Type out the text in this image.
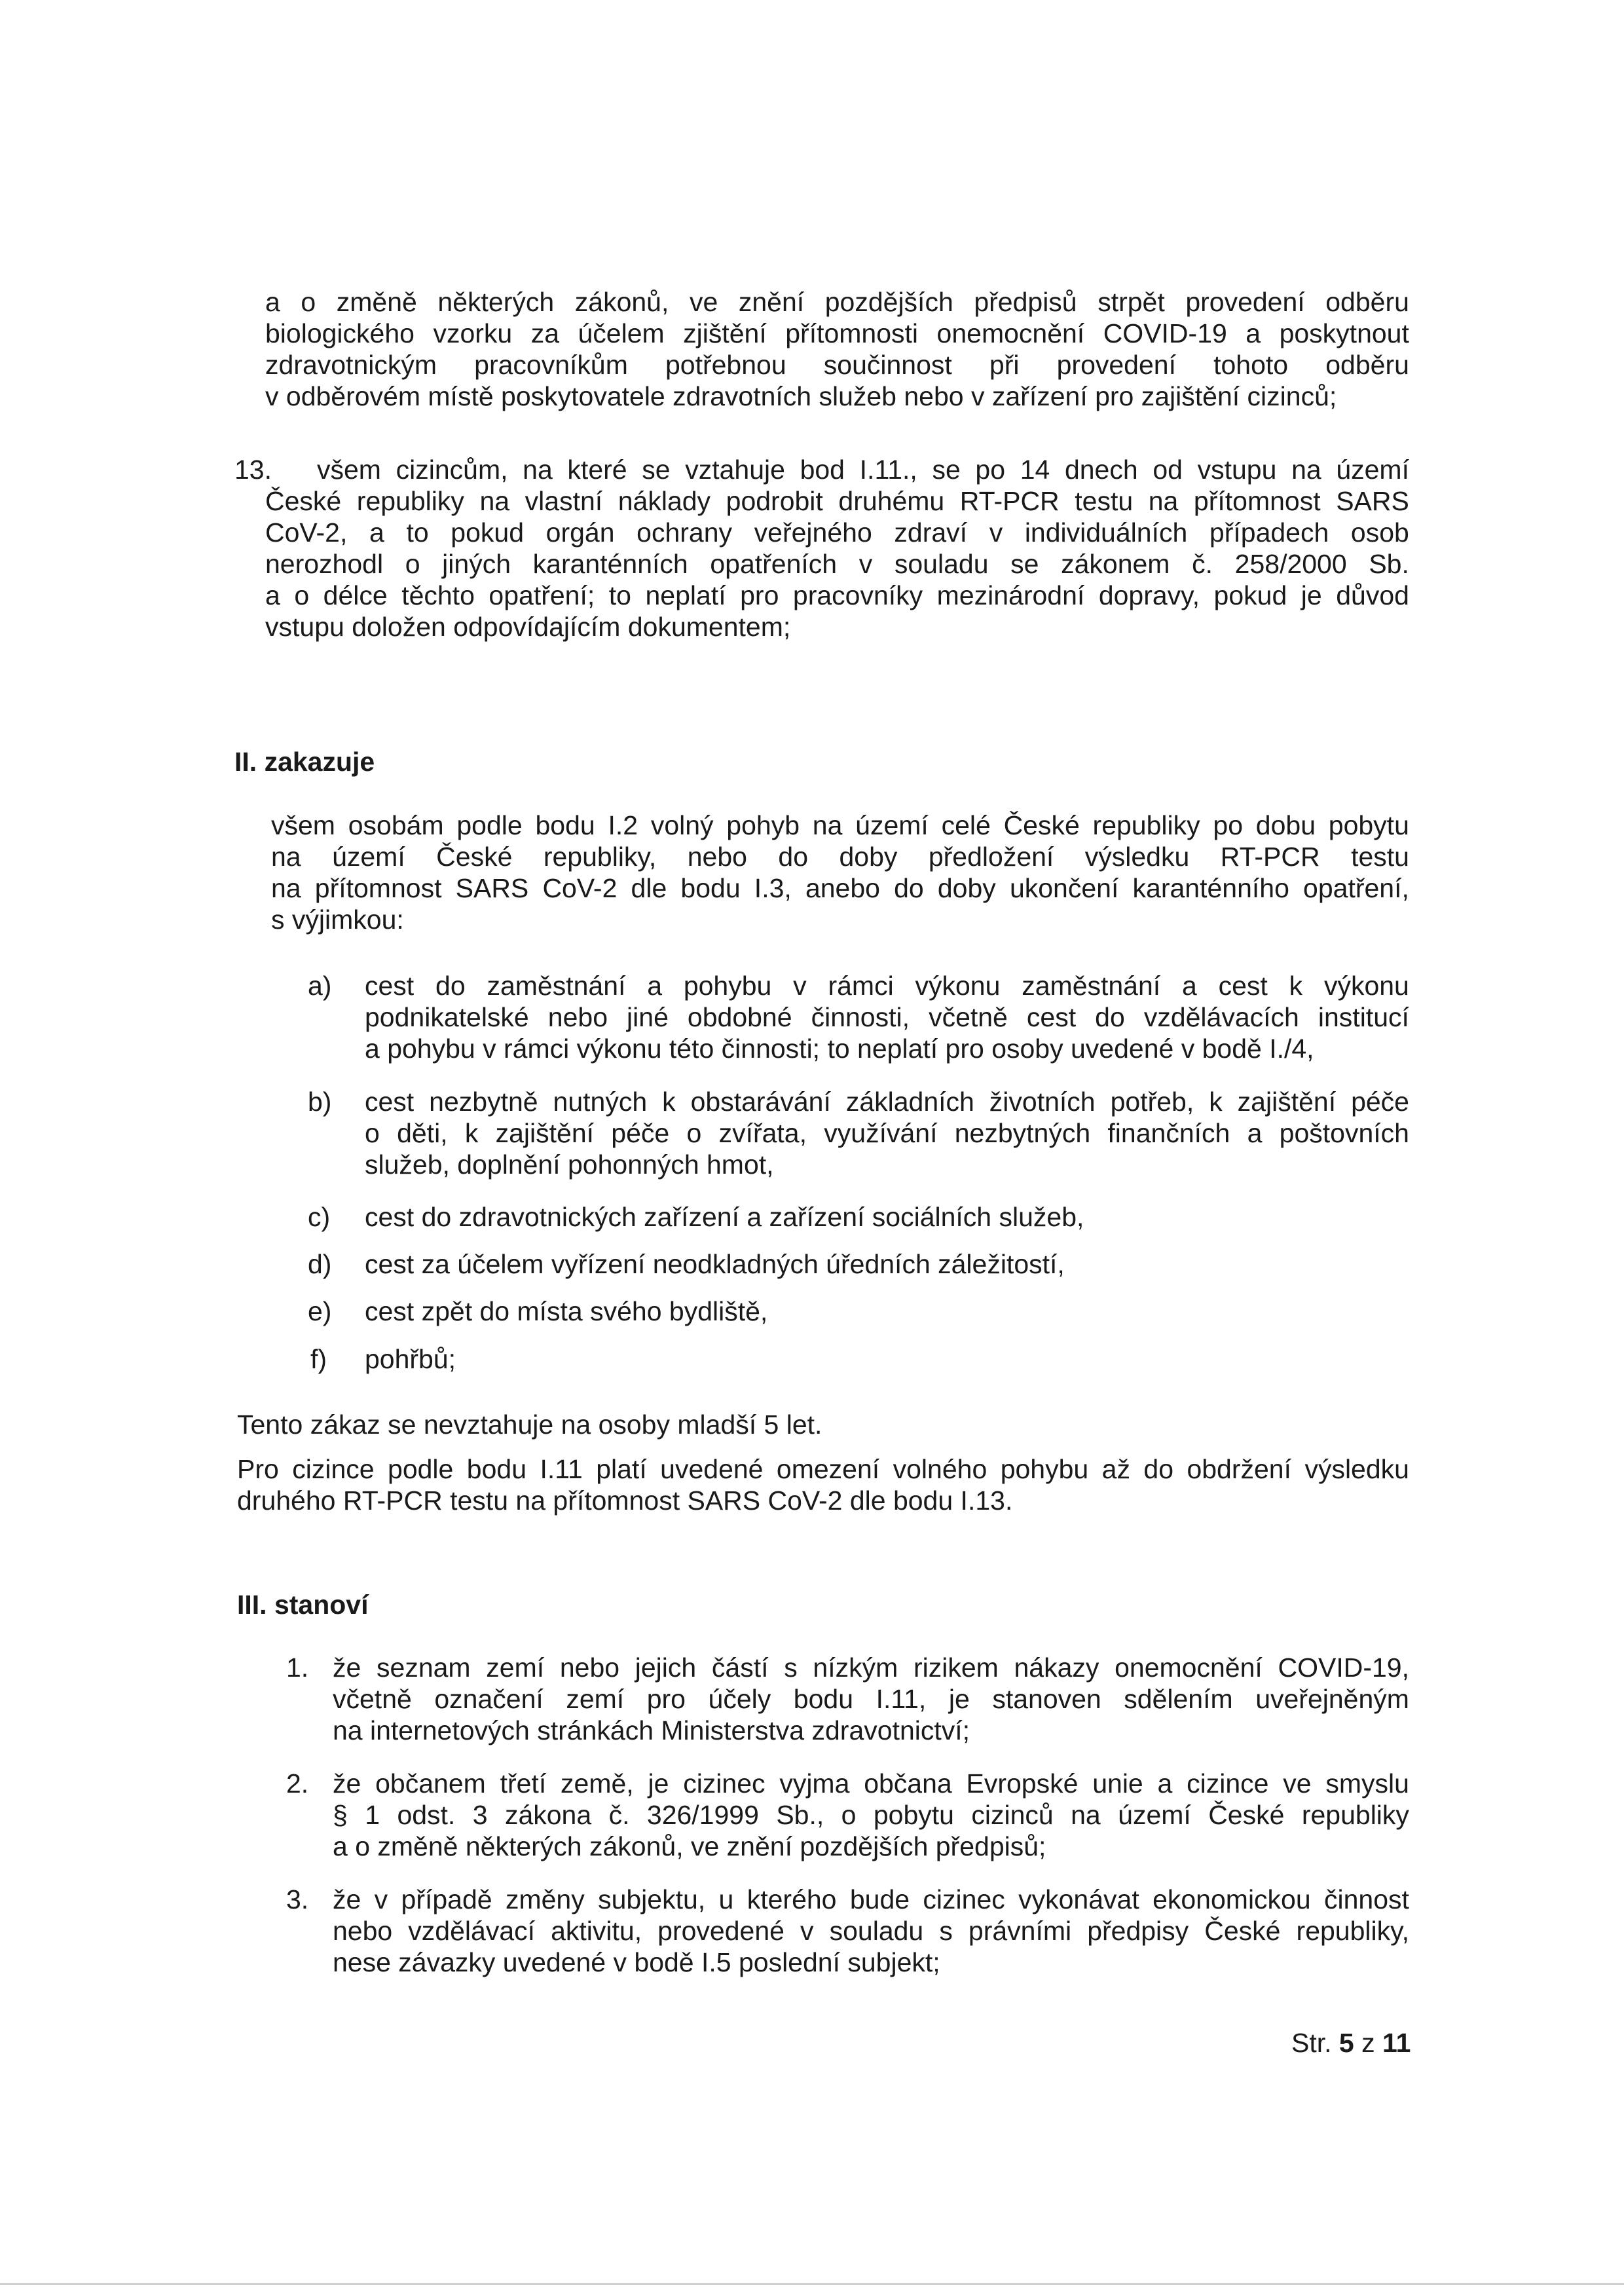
a o změně některých zákonů, ve znění pozdějších předpisů strpět provedení odběru
biologického vzorku za účelem zjištění přítomnosti onemocnění COVID-19 a poskytnout
zdravotnickým pracovníkům potřebnou součinnost při provedení tohoto odběru
v odběrovém místě poskytovatele zdravotních služeb nebo v zařízení pro zajištění cizinců;
13. všem cizincům, na které se vztahuje bod I.11., se po 14 dnech od vstupu na území
České republiky na vlastní náklady podrobit druhému RT-PCR testu na přítomnost SARS
CoV-2, a to pokud orgán ochrany veřejného zdraví v individuálních případech osob
nerozhodl o jiných karanténních opatřeních v souladu se zákonem č. 258/2000 Sb.
a o délce těchto opatření; to neplatí pro pracovníky mezinárodní dopravy, pokud je důvod
vstupu doložen odpovídajícím dokumentem;
II. zakazuje
všem osobám podle bodu I.2 volný pohyb na území celé České republiky po dobu pobytu
na území České republiky, nebo do doby předložení výsledku RT-PCR testu
na přítomnost SARS CoV-2 dle bodu I.3, anebo do doby ukončení karanténního opatření,
s výjimkou:
a) cest do zaměstnání a pohybu v rámci výkonu zaměstnání a cest k výkonu
podnikatelské nebo jiné obdobné činnosti, včetně cest do vzdělávacích institucí
a pohybu v rámci výkonu této činnosti; to neplatí pro osoby uvedené v bodě I./4,
b) cest nezbytně nutných k obstarávání základních životních potřeb, k zajištění péče
o děti, k zajištění péče o zvířata, využívání nezbytných finančních a poštovních
služeb, doplnění pohonných hmot,
c) cest do zdravotnických zařízení a zařízení sociálních služeb,
d) cest za účelem vyřízení neodkladných úředních záležitostí,
e) cest zpět do místa svého bydliště,
f) pohřbů;
Tento zákaz se nevztahuje na osoby mladší 5 let.
Pro cizince podle bodu I.11 platí uvedené omezení volného pohybu až do obdržení výsledku
druhého RT-PCR testu na přítomnost SARS CoV-2 dle bodu I.13.
III. stanoví
1. že seznam zemí nebo jejich částí s nízkým rizikem nákazy onemocnění COVID-19,
včetně označení zemí pro účely bodu I.11, je stanoven sdělením uveřejněným
na internetových stránkách Ministerstva zdravotnictví;
2. že občanem třetí země, je cizinec vyjma občana Evropské unie a cizince ve smyslu
§ 1 odst. 3 zákona č. 326/1999 Sb., o pobytu cizinců na území České republiky
a o změně některých zákonů, ve znění pozdějších předpisů;
3. že v případě změny subjektu, u kterého bude cizinec vykonávat ekonomickou činnost
nebo vzdělávací aktivitu, provedené v souladu s právními předpisy České republiky,
nese závazky uvedené v bodě I.5 poslední subjekt;
Str. 5 z 11
